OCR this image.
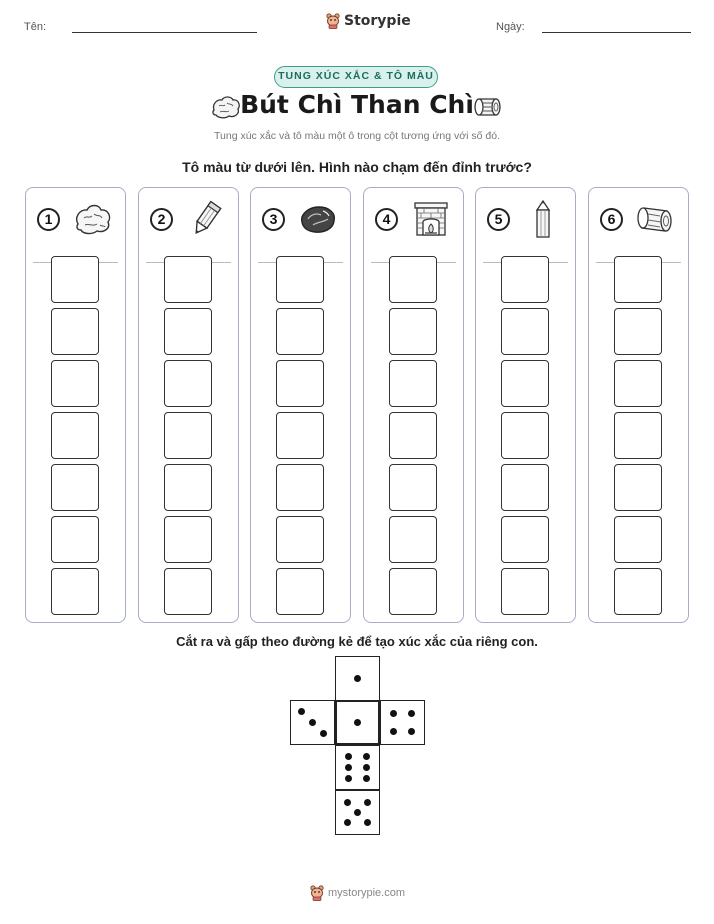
Tên:	Storypie	Ngày:
TUNG XÚC XẮC & TÔ MÀU
Bút Chì Than Chì
Tung xúc xắc và tô màu một ô trong cột tương ứng với số đó.
Tô màu từ dưới lên. Hình nào chạm đến đỉnh trước?
1	2	3	4	5	6
Cắt ra và gấp theo đường kẻ để tạo xúc xắc của riêng con.
mystorypie.com
